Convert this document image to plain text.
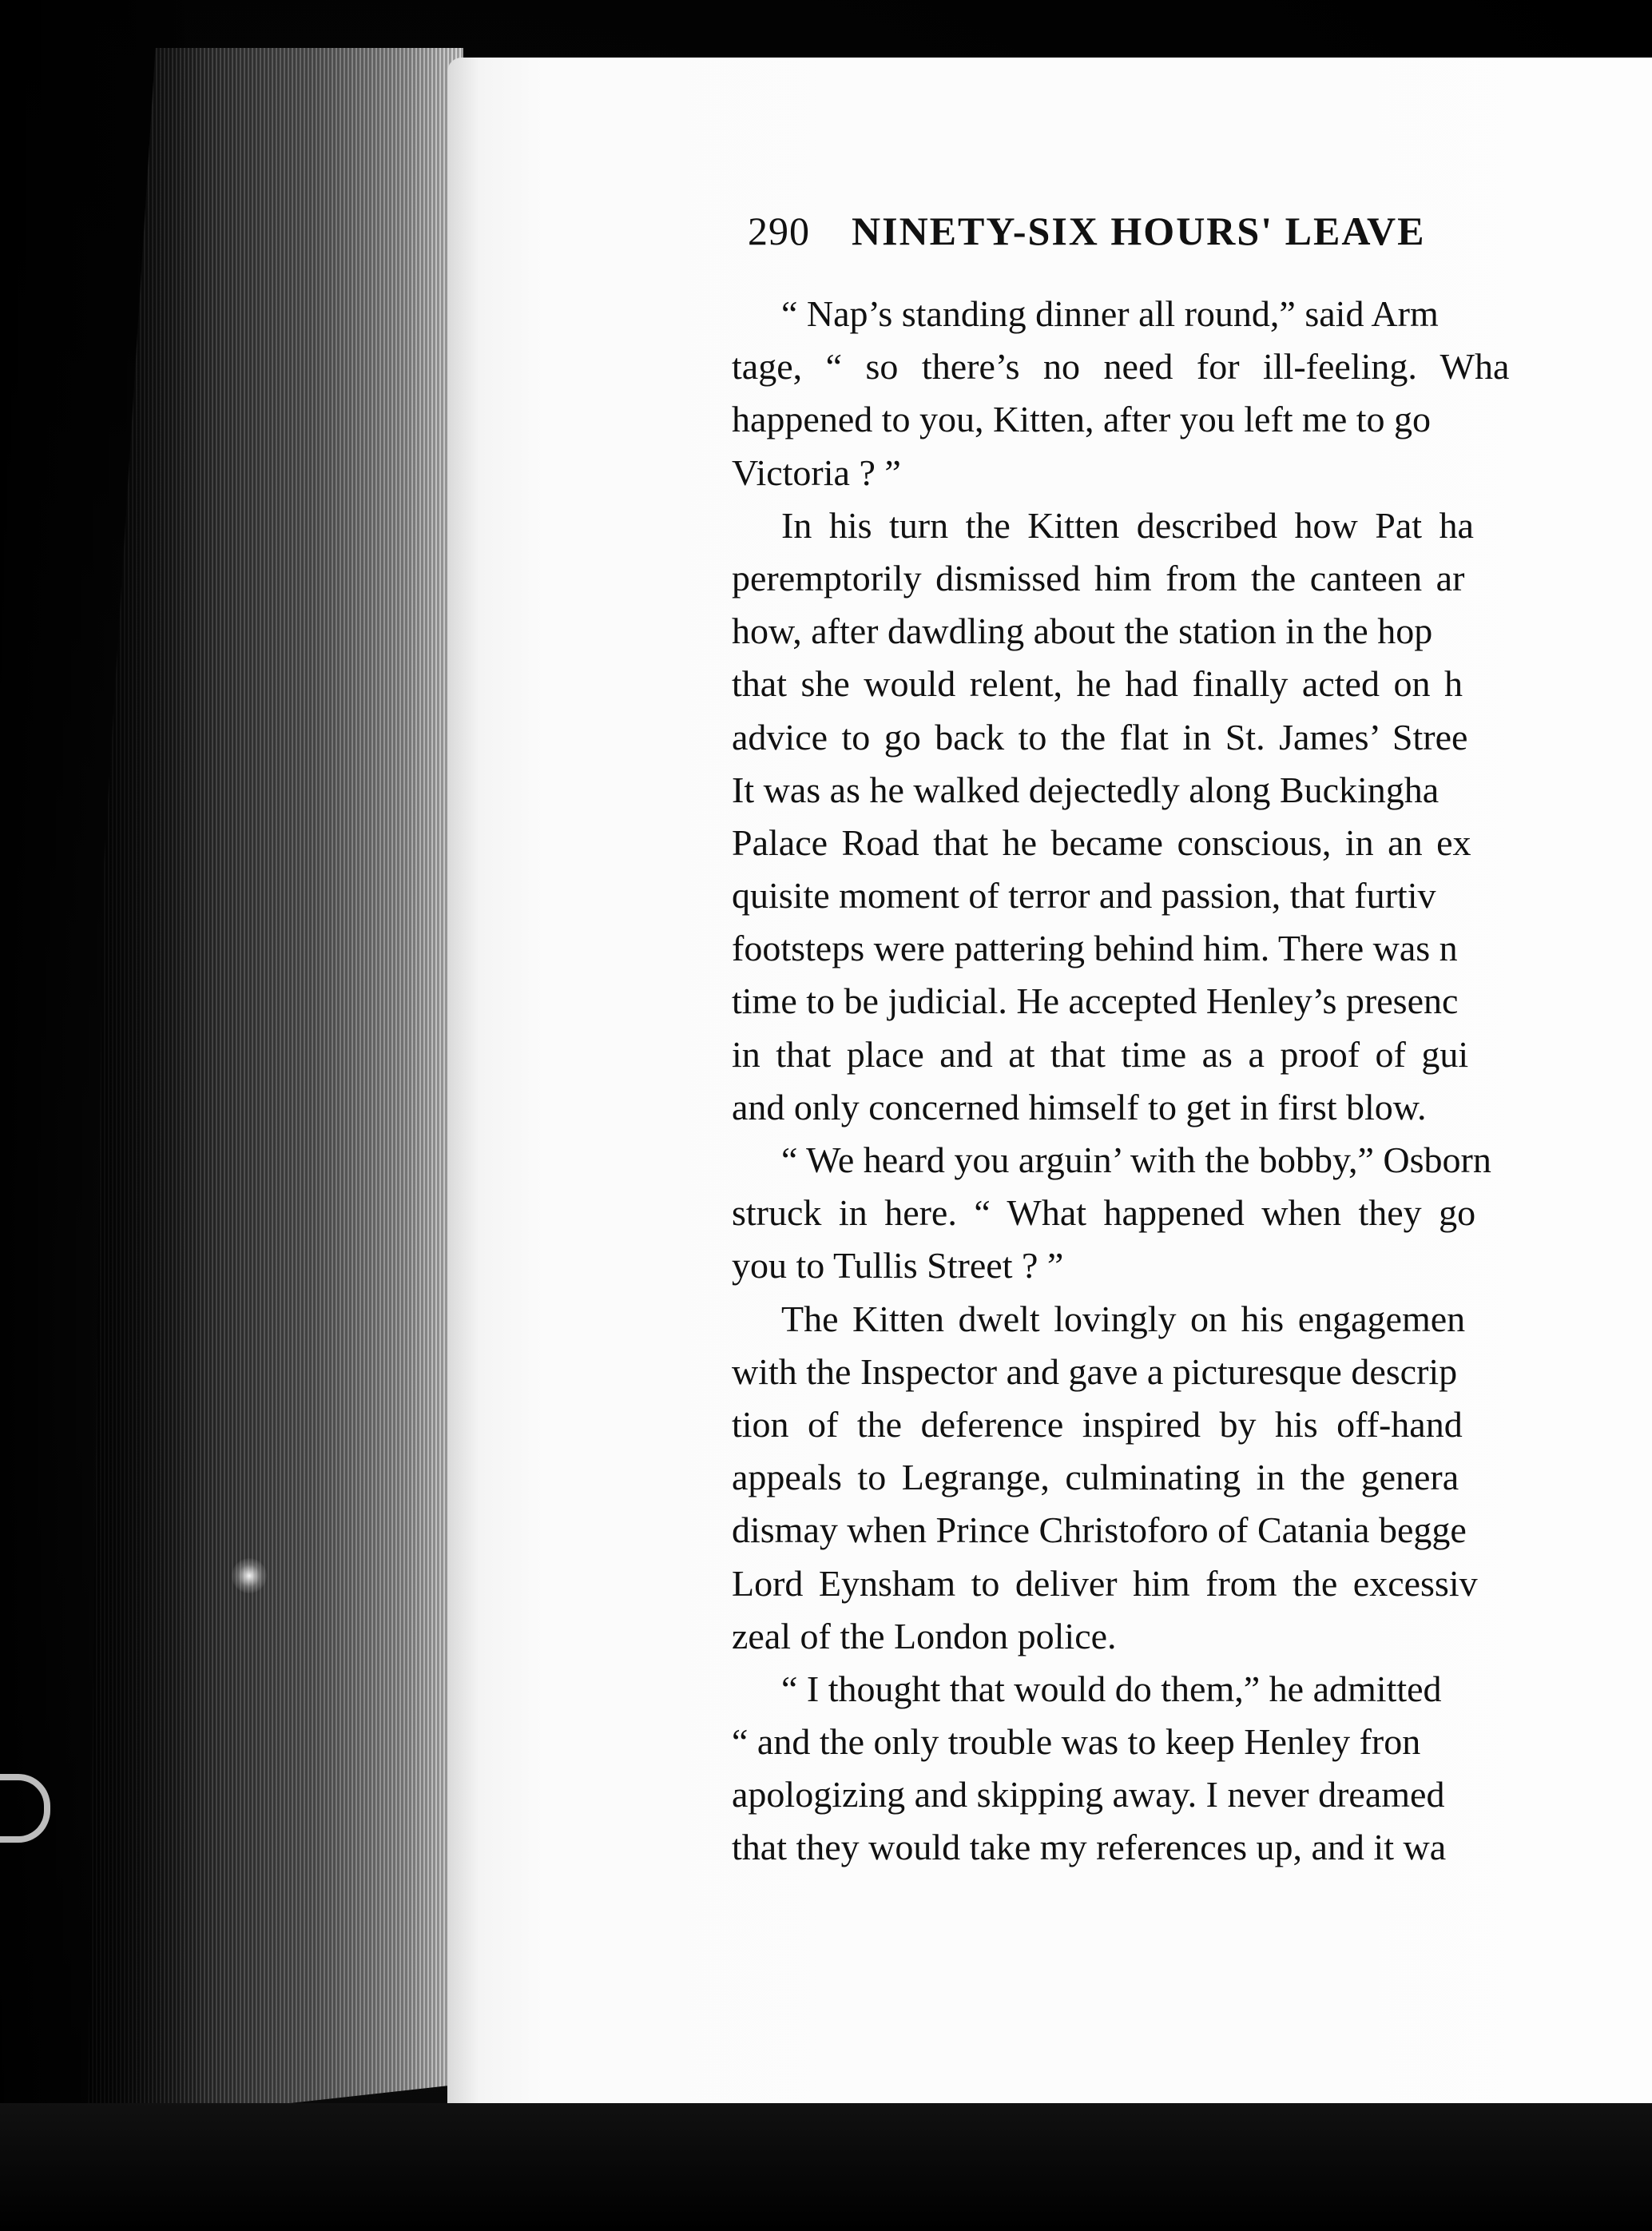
290 NINETY-SIX HOURS' LEAVE
“ Nap’s standing dinner all round,” said Arm
tage, “ so there’s no need for ill-feeling. Wha
happened to you, Kitten, after you left me to go
Victoria ? ”
In his turn the Kitten described how Pat ha
peremptorily dismissed him from the canteen ar
how, after dawdling about the station in the hop
that she would relent, he had finally acted on h
advice to go back to the flat in St. James’ Stree
It was as he walked dejectedly along Buckingha
Palace Road that he became conscious, in an ex
quisite moment of terror and passion, that furtiv
footsteps were pattering behind him. There was n
time to be judicial. He accepted Henley’s presenc
in that place and at that time as a proof of gui
and only concerned himself to get in first blow.
“ We heard you arguin’ with the bobby,” Osborn
struck in here. “ What happened when they go
you to Tullis Street ? ”
The Kitten dwelt lovingly on his engagemen
with the Inspector and gave a picturesque descrip
tion of the deference inspired by his off-hand
appeals to Legrange, culminating in the genera
dismay when Prince Christoforo of Catania begge
Lord Eynsham to deliver him from the excessiv
zeal of the London police.
“ I thought that would do them,” he admitted
“ and the only trouble was to keep Henley fron
apologizing and skipping away. I never dreamed
that they would take my references up, and it wa
